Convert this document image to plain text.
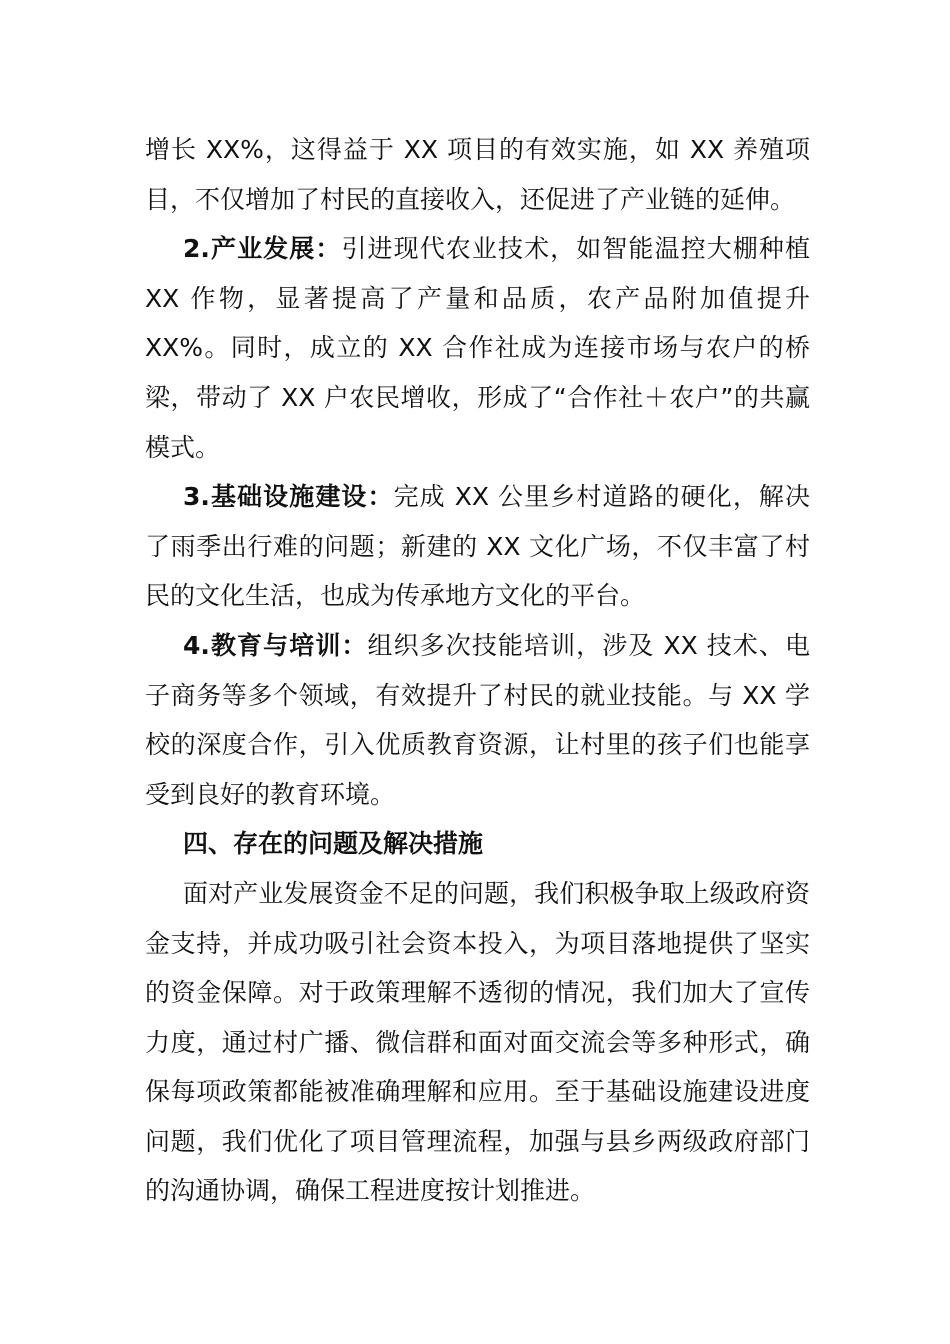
增长 XX%，这得益于 XX 项目的有效实施，如 XX 养殖项目，不仅增加了村民的直接收入，还促进了产业链的延伸。

2.产业发展：引进现代农业技术，如智能温控大棚种植 XX 作物，显著提高了产量和品质，农产品附加值提升 XX%。同时，成立的 XX 合作社成为连接市场与农户的桥梁，带动了 XX 户农民增收，形成了“合作社＋农户”的共赢模式。

3.基础设施建设：完成 XX 公里乡村道路的硬化，解决了雨季出行难的问题；新建的 XX 文化广场，不仅丰富了村民的文化生活，也成为传承地方文化的平台。

4.教育与培训：组织多次技能培训，涉及 XX 技术、电子商务等多个领域，有效提升了村民的就业技能。与 XX 学校的深度合作，引入优质教育资源，让村里的孩子们也能享受到良好的教育环境。

四、存在的问题及解决措施

面对产业发展资金不足的问题，我们积极争取上级政府资金支持，并成功吸引社会资本投入，为项目落地提供了坚实的资金保障。对于政策理解不透彻的情况，我们加大了宣传力度，通过村广播、微信群和面对面交流会等多种形式，确保每项政策都能被准确理解和应用。至于基础设施建设进度问题，我们优化了项目管理流程，加强与县乡两级政府部门的沟通协调，确保工程进度按计划推进。
